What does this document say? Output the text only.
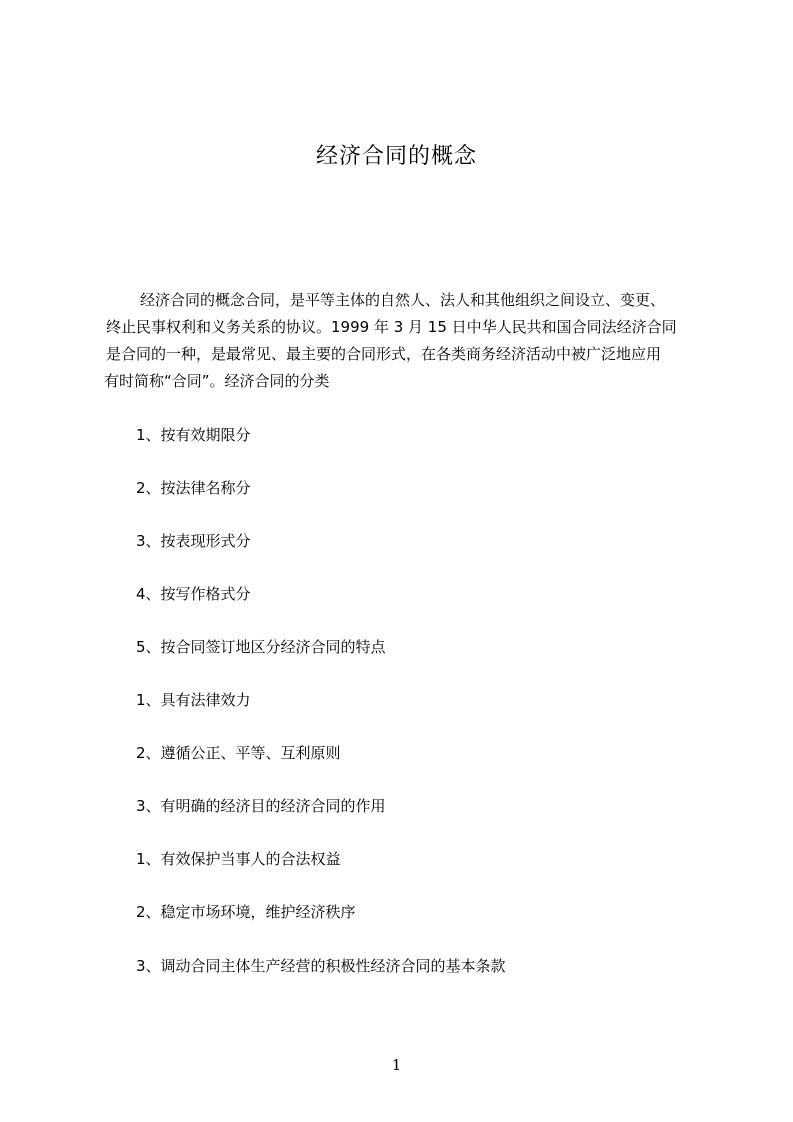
经济合同的概念
经济合同的概念合同，是平等主体的自然人、法人和其他组织之间设立、变更、
终止民事权利和义务关系的协议。1999 年 3 月 15 日中华人民共和国合同法经济合同
是合同的一种，是最常见、最主要的合同形式，在各类商务经济活动中被广泛地应用
有时简称“合同”。经济合同的分类
1、按有效期限分
2、按法律名称分
3、按表现形式分
4、按写作格式分
5、按合同签订地区分经济合同的特点
1、具有法律效力
2、遵循公正、平等、互利原则
3、有明确的经济目的经济合同的作用
1、有效保护当事人的合法权益
2、稳定市场环境，维护经济秩序
3、调动合同主体生产经营的积极性经济合同的基本条款
1
